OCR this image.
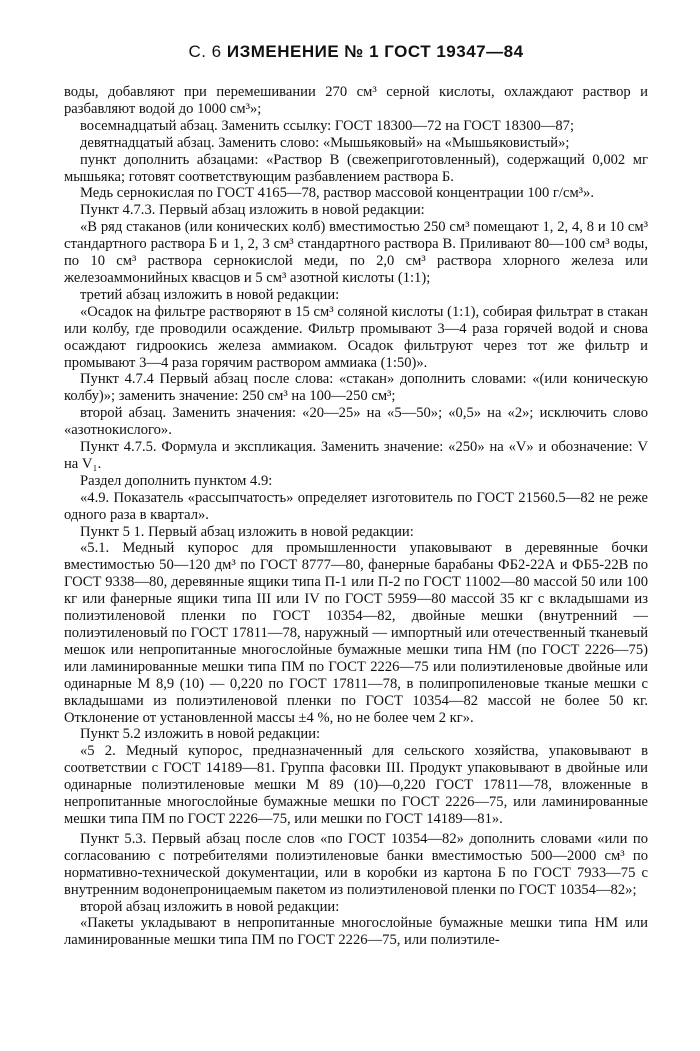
С. 6 ИЗМЕНЕНИЕ № 1 ГОСТ 19347—84

воды, добавляют при перемешивании 270 см³ серной кислоты, охлаждают раствор и разбавляют водой до 1000 см³»;

восемнадцатый абзац. Заменить ссылку: ГОСТ 18300—72 на ГОСТ 18300—87;

девятнадцатый абзац. Заменить слово: «Мышьяковый» на «Мышьяковистый»;

пункт дополнить абзацами: «Раствор В (свежеприготовленный), содержащий 0,002 мг мышьяка; готовят соответствующим разбавлением раствора Б.

Медь сернокислая по ГОСТ 4165—78, раствор массовой концентрации 100 г/см³».

Пункт 4.7.3. Первый абзац изложить в новой редакции:

«В ряд стаканов (или конических колб) вместимостью 250 см³ помещают 1, 2, 4, 8 и 10 см³ стандартного раствора Б и 1, 2, 3 см³ стандартного раствора В. Приливают 80—100 см³ воды, по 10 см³ раствора сернокислой меди, по 2,0 см³ раствора хлорного железа или железоаммонийных квасцов и 5 см³ азотной кислоты (1:1);

третий абзац изложить в новой редакции:

«Осадок на фильтре растворяют в 15 см³ соляной кислоты (1:1), собирая фильтрат в стакан или колбу, где проводили осаждение. Фильтр промывают 3—4 раза горячей водой и снова осаждают гидроокись железа аммиаком. Осадок фильтруют через тот же фильтр и промывают 3—4 раза горячим раствором аммиака (1:50)».

Пункт 4.7.4 Первый абзац после слова: «стакан» дополнить словами: «(или коническую колбу)»; заменить значение: 250 см³ на 100—250 см³;

второй абзац. Заменить значения: «20—25» на «5—50»; «0,5» на «2»; исключить слово «азотнокислого».

Пункт 4.7.5. Формула и экспликация. Заменить значение: «250» на «V» и обозначение: V на V₁.

Раздел дополнить пунктом 4.9:

«4.9. Показатель «рассыпчатость» определяет изготовитель по ГОСТ 21560.5—82 не реже одного раза в квартал».

Пункт 5 1. Первый абзац изложить в новой редакции:

«5.1. Медный купорос для промышленности упаковывают в деревянные бочки вместимостью 50—120 дм³ по ГОСТ 8777—80, фанерные барабаны ФБ2-22А и ФБ5-22В по ГОСТ 9338—80, деревянные ящики типа П-1 или П-2 по ГОСТ 11002—80 массой 50 или 100 кг или фанерные ящики типа III или IV по ГОСТ 5959—80 массой 35 кг с вкладышами из полиэтиленовой пленки по ГОСТ 10354—82, двойные мешки (внутренний — полиэтиленовый по ГОСТ 17811—78, наружный — импортный или отечественный тканевый мешок или непропитанные многослойные бумажные мешки типа НМ (по ГОСТ 2226—75) или ламинированные мешки типа ПМ по ГОСТ 2226—75 или полиэтиленовые двойные или одинарные М 8,9 (10) — 0,220 по ГОСТ 17811—78, в полипропиленовые тканые мешки с вкладышами из полиэтиленовой пленки по ГОСТ 10354—82 массой не более 50 кг. Отклонение от установленной массы ±4 %, но не более чем 2 кг».

Пункт 5.2 изложить в новой редакции:

«5 2. Медный купорос, предназначенный для сельского хозяйства, упаковывают в соответствии с ГОСТ 14189—81. Группа фасовки III. Продукт упаковывают в двойные или одинарные полиэтиленовые мешки М 89 (10)—0,220 ГОСТ 17811—78, вложенные в непропитанные многослойные бумажные мешки по ГОСТ 2226—75, или ламинированные мешки типа ПМ по ГОСТ 2226—75, или мешки по ГОСТ 14189—81».

Пункт 5.3. Первый абзац после слов «по ГОСТ 10354—82» дополнить словами «или по согласованию с потребителями полиэтиленовые банки вместимостью 500—2000 см³ по нормативно-технической документации, или в коробки из картона Б по ГОСТ 7933—75 с внутренним водонепроницаемым пакетом из полиэтиленовой пленки по ГОСТ 10354—82»;

второй абзац изложить в новой редакции:

«Пакеты укладывают в непропитанные многослойные бумажные мешки типа НМ или ламинированные мешки типа ПМ по ГОСТ 2226—75, или полиэтиле-
